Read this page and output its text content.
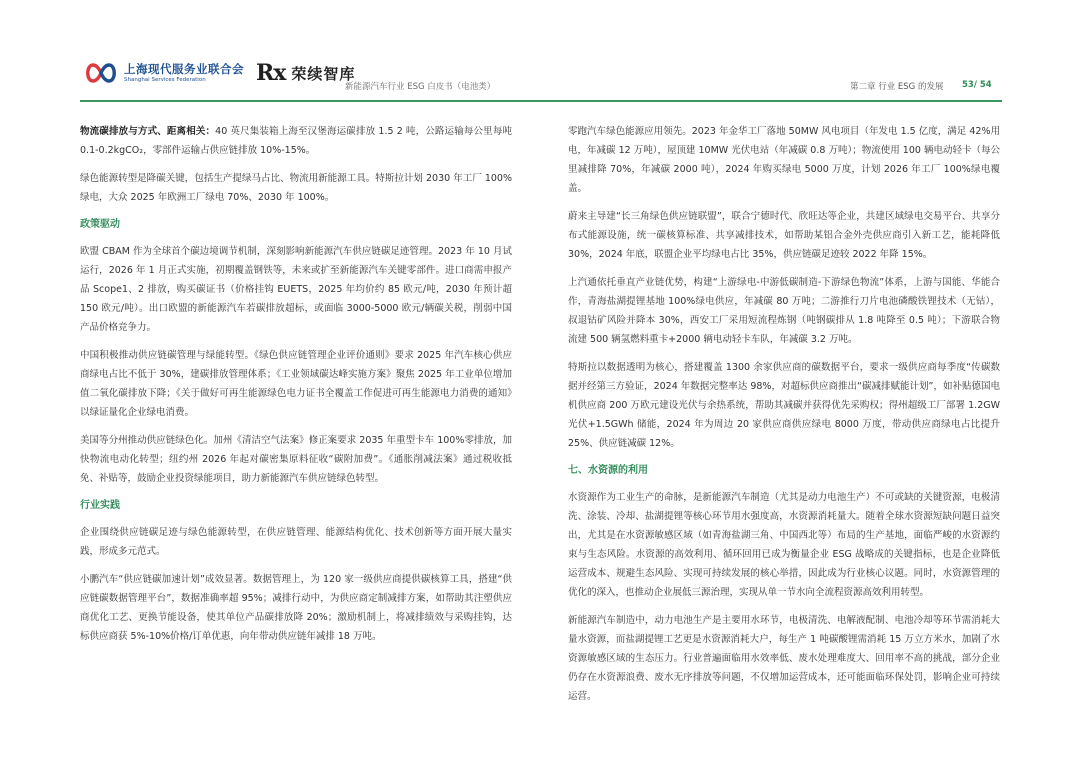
上海现代服务业联合会
Shanghai Services Federation	Rx 荣续智库
新能源汽车行业 ESG 白皮书（电池类）	第二章 行业 ESG 的发展 53/ 54
物流碳排放与方式、距离相关：40 英尺集装箱上海至汉堡海运碳排放 1.5 2 吨，公路运输每公里每吨 0.1-0.2kgCO₂，零部件运输占供应链排放 10%-15%。
绿色能源转型是降碳关键，包括生产提绿马占比、物流用新能源工具。特斯拉计划 2030 年工厂 100%绿电，大众 2025 年欧洲工厂绿电 70%、2030 年 100%。
政策驱动
欧盟 CBAM 作为全球首个碳边境调节机制，深刻影响新能源汽车供应链碳足迹管理。2023 年 10 月试运行，2026 年 1 月正式实施，初期覆盖钢铁等，未来或扩至新能源汽车关键零部件。进口商需申报产品 Scope1、2 排放，购买碳证书（价格挂钩 EUETS，2025 年均价约 85 欧元/吨，2030 年预计超 150 欧元/吨）。出口欧盟的新能源汽车若碳排放超标，或面临 3000-5000 欧元/辆碳关税，削弱中国产品价格竞争力。
中国积极推动供应链碳管理与绿能转型。《绿色供应链管理企业评价通则》要求 2025 年汽车核心供应商绿电占比不低于 30%，建碳排放管理体系；《工业领域碳达峰实施方案》聚焦 2025 年工业单位增加值二氧化碳排放下降；《关于做好可再生能源绿色电力证书全覆盖工作促进可再生能源电力消费的通知》以绿证量化企业绿电消费。
美国等分州推动供应链绿色化。加州《清洁空气法案》修正案要求 2035 年重型卡车 100%零排放，加快物流电动化转型；纽约州 2026 年起对碳密集原料征收“碳附加费”。《通胀削减法案》通过税收抵免、补贴等，鼓励企业投资绿能项目，助力新能源汽车供应链绿色转型。
行业实践
企业围绕供应链碳足迹与绿色能源转型，在供应链管理、能源结构优化、技术创新等方面开展大量实践，形成多元范式。
小鹏汽车“供应链碳加速计划”成效显著。数据管理上，为 120 家一级供应商提供碳核算工具，搭建“供应链碳数据管理平台”，数据准确率超 95%；减排行动中，为供应商定制减排方案，如帮助其注塑供应商优化工艺、更换节能设备，使其单位产品碳排放降 20%；激励机制上，将减排绩效与采购挂钩，达标供应商获 5%-10%价格/订单优惠，向年带动供应链年减排 18 万吨。
零跑汽车绿色能源应用领先。2023 年金华工厂落地 50MW 风电项目（年发电 1.5 亿度，满足 42%用电，年减碳 12 万吨），屋顶建 10MW 光伏电站（年减碳 0.8 万吨）；物流使用 100 辆电动轻卡（每公里减排降 70%，年减碳 2000 吨），2024 年购买绿电 5000 万度，计划 2026 年工厂 100%绿电覆盖。
蔚来主导建“长三角绿色供应链联盟”，联合宁德时代、欣旺达等企业，共建区域绿电交易平台、共享分布式能源设施，统一碳核算标准、共享减排技术，如帮助某铝合金外壳供应商引入新工艺，能耗降低 30%，2024 年底，联盟企业平均绿电占比 35%，供应链碳足迹较 2022 年降 15%。
上汽通依托垂直产业链优势，构建“上游绿电-中游低碳制造-下游绿色物流”体系，上游与国能、华能合作，青海盐湖提锂基地 100%绿电供应，年减碳 80 万吨；二游推行刀片电池磷酸铁锂技术（无钴），叔退钴矿风险并降本 30%，西安工厂采用短流程炼钢（吨钢碳排从 1.8 吨降至 0.5 吨）；下游联合物流建 500 辆氢燃料重卡+2000 辆电动轻卡车队，年减碳 3.2 万吨。
特斯拉以数据透明为核心，搭建覆盖 1300 余家供应商的碳数据平台，要求一级供应商每季度“传碳数据并经第三方验证，2024 年数据完整率达 98%，对超标供应商推出“碳减排赋能计划”，如补贴德国电机供应商 200 万欧元建设光伏与余热系统，帮助其减碳并获得优先采购权；得州超级工厂部署 1.2GW 光伏+1.5GWh 储能，2024 年为周边 20 家供应商供应绿电 8000 万度，带动供应商绿电占比提升 25%、供应链减碳 12%。
七、水资源的利用
水资源作为工业生产的命脉，是新能源汽车制造（尤其是动力电池生产）不可或缺的关键资源，电极清洗、涂装、冷却、盐湖提锂等核心环节用水强度高，水资源消耗量大。随着全球水资源短缺问题日益突出，尤其是在水资源敏感区域（如青海盐湖三角、中国西北等）布局的生产基地，面临严峻的水资源约束与生态风险。水资源的高效利用、循环回用已成为衡量企业 ESG 战略成的关键指标，也是企业降低运营成本、规避生态风险、实现可持续发展的核心举措，因此成为行业核心议题。同时，水资源管理的优化的深入，也推动企业展低三源治理，实现从单一节水向全流程资源高效利用转型。
新能源汽车制造中，动力电池生产是主要用水环节，电极清洗、电解液配制、电池冷却等环节需消耗大量水资源，而盐湖提锂工艺更是水资源消耗大户，每生产 1 吨碳酸锂需消耗 15 万立方米水，加剧了水资源敏感区域的生态压力。行业普遍面临用水效率低、废水处理难度大、回用率不高的挑战，部分企业仍存在水资源浪费、废水无序排放等问题，不仅增加运营成本，还可能面临环保处罚，影响企业可持续运营。
